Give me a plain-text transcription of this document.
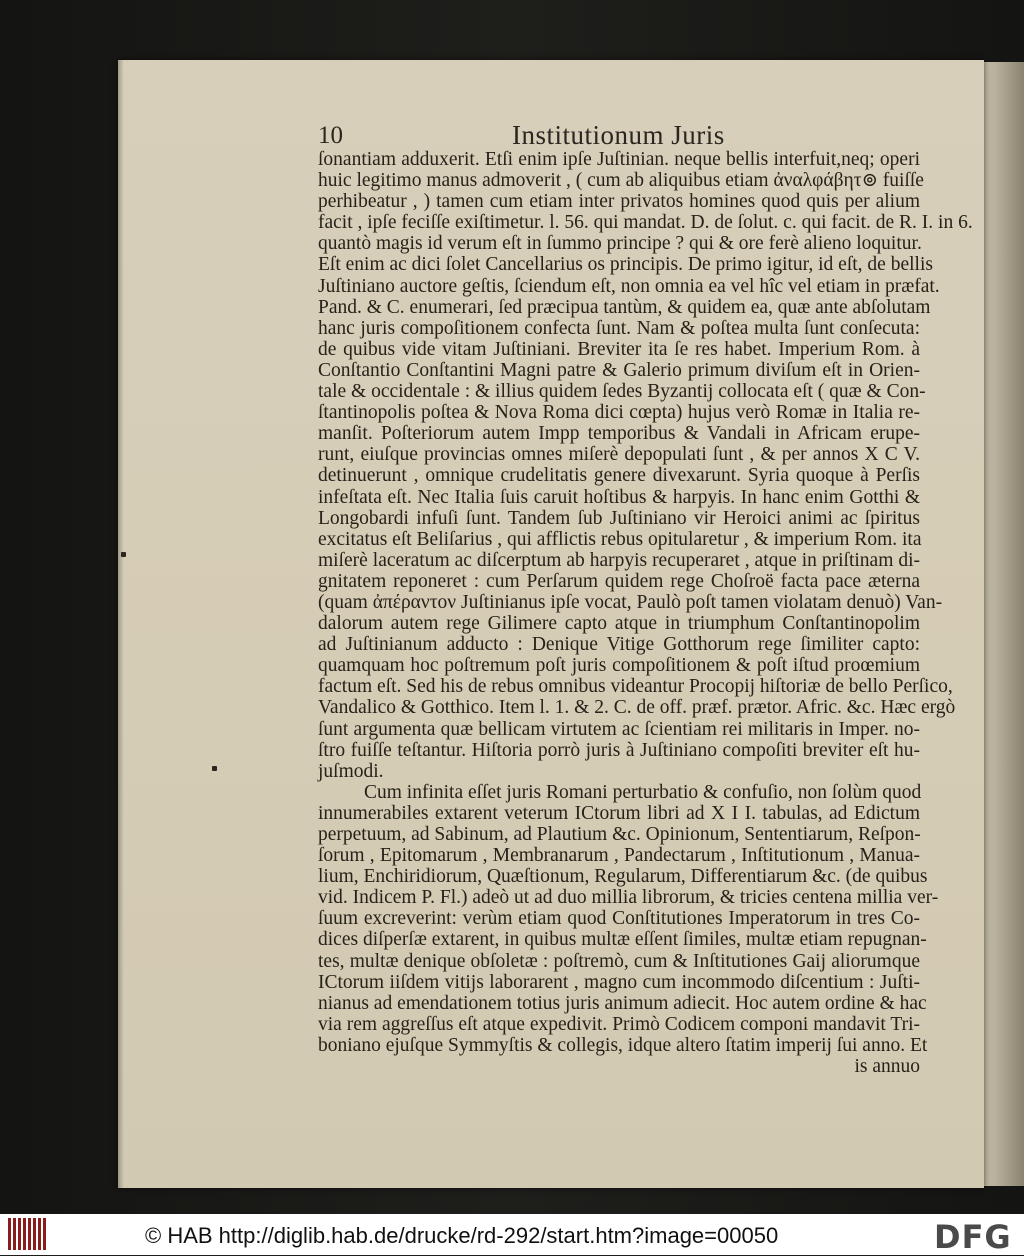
10	Institutionum Juris
ſonantiam adduxerit. Etſi enim ipſe Juſtinian. neque bellis interfuit,neq; operi
huic legitimo manus admoverit , ( cum ab aliquibus etiam ἀναλφάβητ⊚ fuiſſe
perhibeatur , ) tamen cum etiam inter privatos homines quod quis per alium
facit , ipſe feciſſe exiſtimetur. l. 56. qui mandat. D. de ſolut. c. qui facit. de R. I. in 6.
quantò magis id verum eſt in ſummo principe ? qui & ore ferè alieno loquitur.
Eſt enim ac dici ſolet Cancellarius os principis. De primo igitur, id eſt, de bellis
Juſtiniano auctore geſtis, ſciendum eſt, non omnia ea vel hîc vel etiam in præfat.
Pand. & C. enumerari, ſed præcipua tantùm, & quidem ea, quæ ante abſolutam
hanc juris compoſitionem confecta ſunt. Nam & poſtea multa ſunt conſecuta:
de quibus vide vitam Juſtiniani. Breviter ita ſe res habet. Imperium Rom. à
Conſtantio Conſtantini Magni patre & Galerio primum diviſum eſt in Orien-
tale & occidentale : & illius quidem ſedes Byzantij collocata eſt ( quæ & Con-
ſtantinopolis poſtea & Nova Roma dici cœpta) hujus verò Romæ in Italia re-
manſit. Poſteriorum autem Impp temporibus & Vandali in Africam erupe-
runt, eiuſque provincias omnes miſerè depopulati ſunt , & per annos X C V.
detinuerunt , omnique crudelitatis genere divexarunt. Syria quoque à Perſis
infeſtata eſt. Nec Italia ſuis caruit hoſtibus & harpyis. In hanc enim Gotthi &
Longobardi infuſi ſunt. Tandem ſub Juſtiniano vir Heroici animi ac ſpiritus
excitatus eſt Beliſarius , qui afflictis rebus opitularetur , & imperium Rom. ita
miſerè laceratum ac diſcerptum ab harpyis recuperaret , atque in priſtinam di-
gnitatem reponeret : cum Perſarum quidem rege Choſroë facta pace æterna
(quam ἀπέραντον Juſtinianus ipſe vocat, Paulò poſt tamen violatam denuò) Van-
dalorum autem rege Gilimere capto atque in triumphum Conſtantinopolim
ad Juſtinianum adducto : Denique Vitige Gotthorum rege ſimiliter capto:
quamquam hoc poſtremum poſt juris compoſitionem & poſt iſtud proœmium
factum eſt. Sed his de rebus omnibus videantur Procopij hiſtoriæ de bello Perſico,
Vandalico & Gotthico. Item l. 1. & 2. C. de off. præf. prætor. Afric. &c. Hæc ergò
ſunt argumenta quæ bellicam virtutem ac ſcientiam rei militaris in Imper. no-
ſtro fuiſſe teſtantur. Hiſtoria porrò juris à Juſtiniano compoſiti breviter eſt hu-
juſmodi.
Cum infinita eſſet juris Romani perturbatio & confuſio, non ſolùm quod
innumerabiles extarent veterum ICtorum libri ad X I I. tabulas, ad Edictum
perpetuum, ad Sabinum, ad Plautium &c. Opinionum, Sententiarum, Reſpon-
ſorum , Epitomarum , Membranarum , Pandectarum , Inſtitutionum , Manua-
lium, Enchiridiorum, Quæſtionum, Regularum, Differentiarum &c. (de quibus
vid. Indicem P. Fl.) adeò ut ad duo millia librorum, & tricies centena millia ver-
ſuum excreverint: verùm etiam quod Conſtitutiones Imperatorum in tres Co-
dices diſperſæ extarent, in quibus multæ eſſent ſimiles, multæ etiam repugnan-
tes, multæ denique obſoletæ : poſtremò, cum & Inſtitutiones Gaij aliorumque
ICtorum iiſdem vitijs laborarent , magno cum incommodo diſcentium : Juſti-
nianus ad emendationem totius juris animum adiecit. Hoc autem ordine & hac
via rem aggreſſus eſt atque expedivit. Primò Codicem componi mandavit Tri-
boniano ejuſque Symmyſtis & collegis, idque altero ſtatim imperij ſui anno. Et
is annuo
© HAB http://diglib.hab.de/drucke/rd-292/start.htm?image=00050	DFG
